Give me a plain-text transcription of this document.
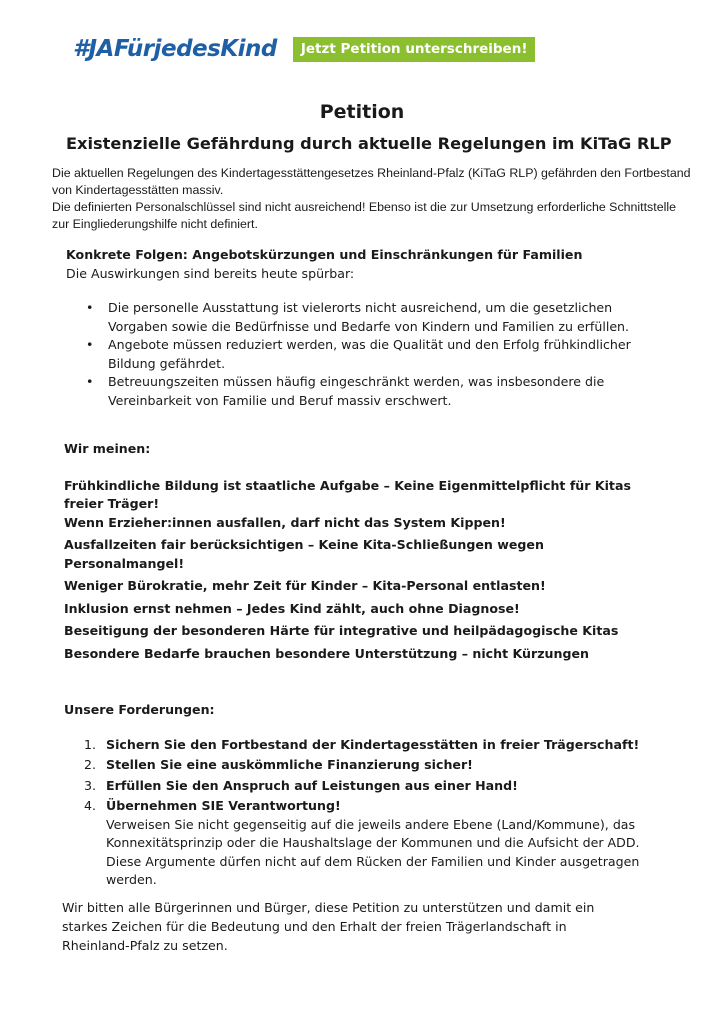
#JAFürjedesKind	Jetzt Petition unterschreiben!
Petition
Existenzielle Gefährdung durch aktuelle Regelungen im KiTaG RLP

Die aktuellen Regelungen des Kindertagesstättengesetzes Rheinland-Pfalz (KiTaG RLP) gefährden den Fortbestand von Kindertagesstätten massiv.

Die definierten Personalschlüssel sind nicht ausreichend! Ebenso ist die zur Umsetzung erforderliche Schnittstelle zur Eingliederungshilfe nicht definiert.

Konkrete Folgen: Angebotskürzungen und Einschränkungen für Familien
Die Auswirkungen sind bereits heute spürbar:
• Die personelle Ausstattung ist vielerorts nicht ausreichend, um die gesetzlichen Vorgaben sowie die Bedürfnisse und Bedarfe von Kindern und Familien zu erfüllen.
• Angebote müssen reduziert werden, was die Qualität und den Erfolg frühkindlicher Bildung gefährdet.
• Betreuungszeiten müssen häufig eingeschränkt werden, was insbesondere die Vereinbarkeit von Familie und Beruf massiv erschwert.
Wir meinen:
Frühkindliche Bildung ist staatliche Aufgabe – Keine Eigenmittelpflicht für Kitas freier Träger!
Wenn Erzieher:innen ausfallen, darf nicht das System Kippen!
Ausfallzeiten fair berücksichtigen – Keine Kita-Schließungen wegen Personalmangel!
Weniger Bürokratie, mehr Zeit für Kinder – Kita-Personal entlasten!
Inklusion ernst nehmen – Jedes Kind zählt, auch ohne Diagnose!
Beseitigung der besonderen Härte für integrative und heilpädagogische Kitas
Besondere Bedarfe brauchen besondere Unterstützung – nicht Kürzungen
Unsere Forderungen:
1. Sichern Sie den Fortbestand der Kindertagesstätten in freier Trägerschaft!
2. Stellen Sie eine auskömmliche Finanzierung sicher!
3. Erfüllen Sie den Anspruch auf Leistungen aus einer Hand!
4. Übernehmen SIE Verantwortung!
Verweisen Sie nicht gegenseitig auf die jeweils andere Ebene (Land/Kommune), das Konnexitätsprinzip oder die Haushaltslage der Kommunen und die Aufsicht der ADD. Diese Argumente dürfen nicht auf dem Rücken der Familien und Kinder ausgetragen werden.
Wir bitten alle Bürgerinnen und Bürger, diese Petition zu unterstützen und damit ein starkes Zeichen für die Bedeutung und den Erhalt der freien Trägerlandschaft in Rheinland-Pfalz zu setzen.
